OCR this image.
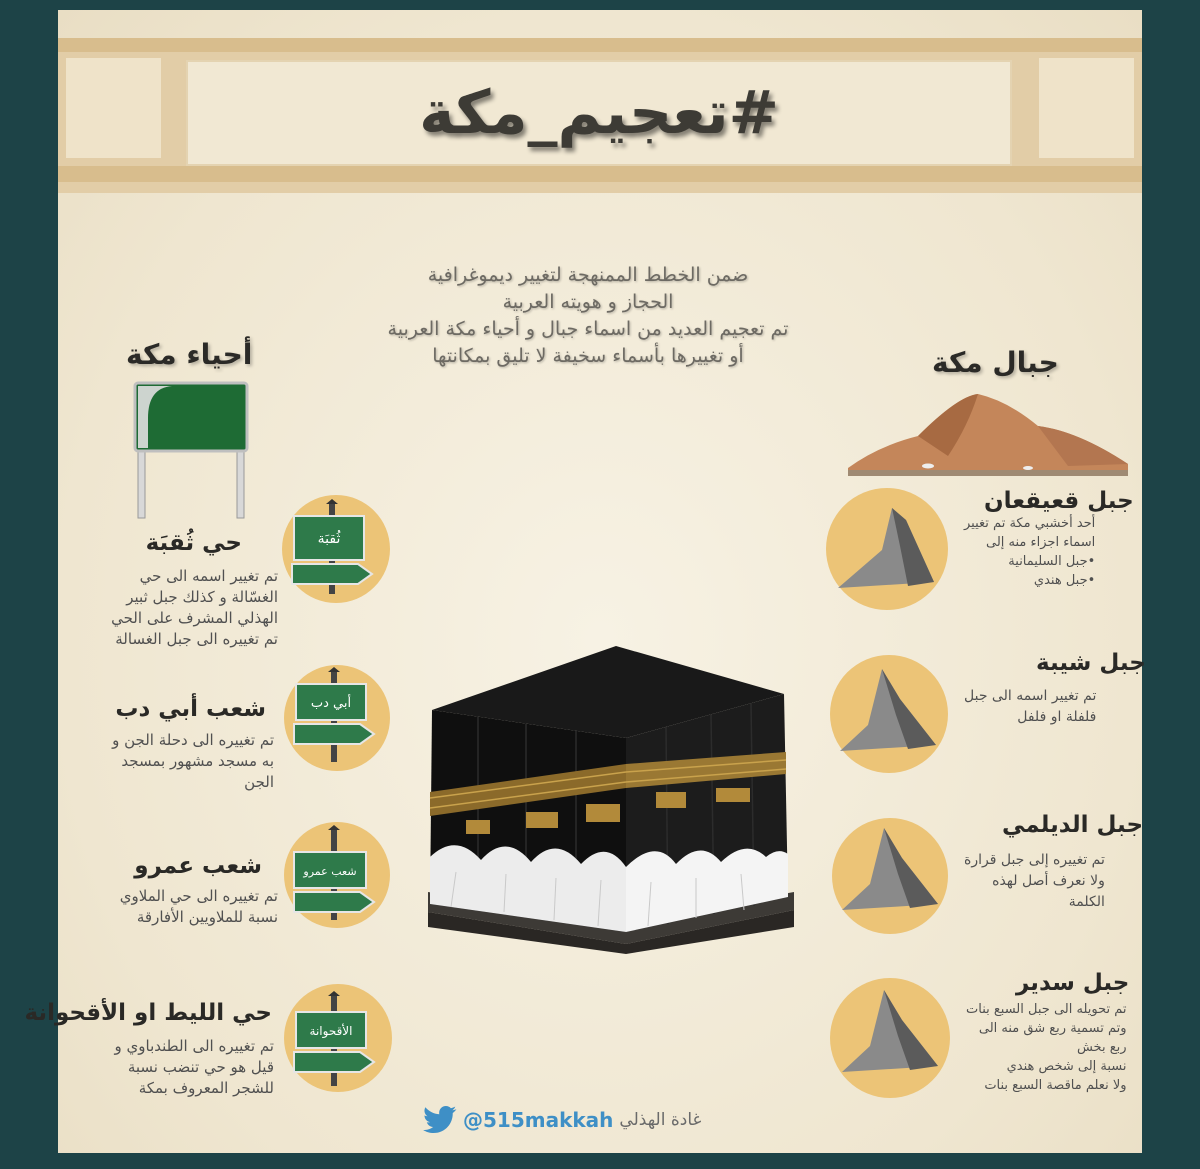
#تعجيم_مكة
ضمن الخطط الممنهجة لتغيير ديموغرافية
الحجاز و هويته العربية
تم تعجيم العديد من اسماء جبال و أحياء مكة العربية
أو تغييرها بأسماء سخيفة لا تليق بمكانتها
أحياء مكة	جبال مكة
ثُقبَة
حي ثُقبَة
تم تغيير اسمه الى حي
الغسّالة و كذلك جبل ثبير
الهذلي المشرف على الحي
تم تغييره الى جبل الغسالة
أبي دب
شعب أبي دب
تم تغييره الى دحلة الجن و
به مسجد مشهور بمسجد
الجن
شعب عمرو
شعب عمرو
تم تغييره الى حي الملاوي
نسبة للملاويين الأفارقة
الأقحوانة
حي الليط او الأقحوانة
تم تغييره الى الطندباوي و
قيل هو حي تنضب نسبة
للشجر المعروف بمكة
جبل قعيقعان
أحد أخشبي مكة تم تغيير
اسماء اجزاء منه إلى
•جبل السليمانية
•جبل هندي
جبل شيبة
تم تغيير اسمه الى جبل
فلفلة او فلفل
جبل الديلمي
تم تغييره إلى جبل قرارة
ولا نعرف أصل لهذه
الكلمة
جبل سدير
تم تحويله الى جبل السبع بنات
وتم تسمية ربع شق منه الى
ربع بخش
نسبة إلى شخص هندي
ولا نعلم ماقصة السبع بنات
@515makkah غادة الهذلي
